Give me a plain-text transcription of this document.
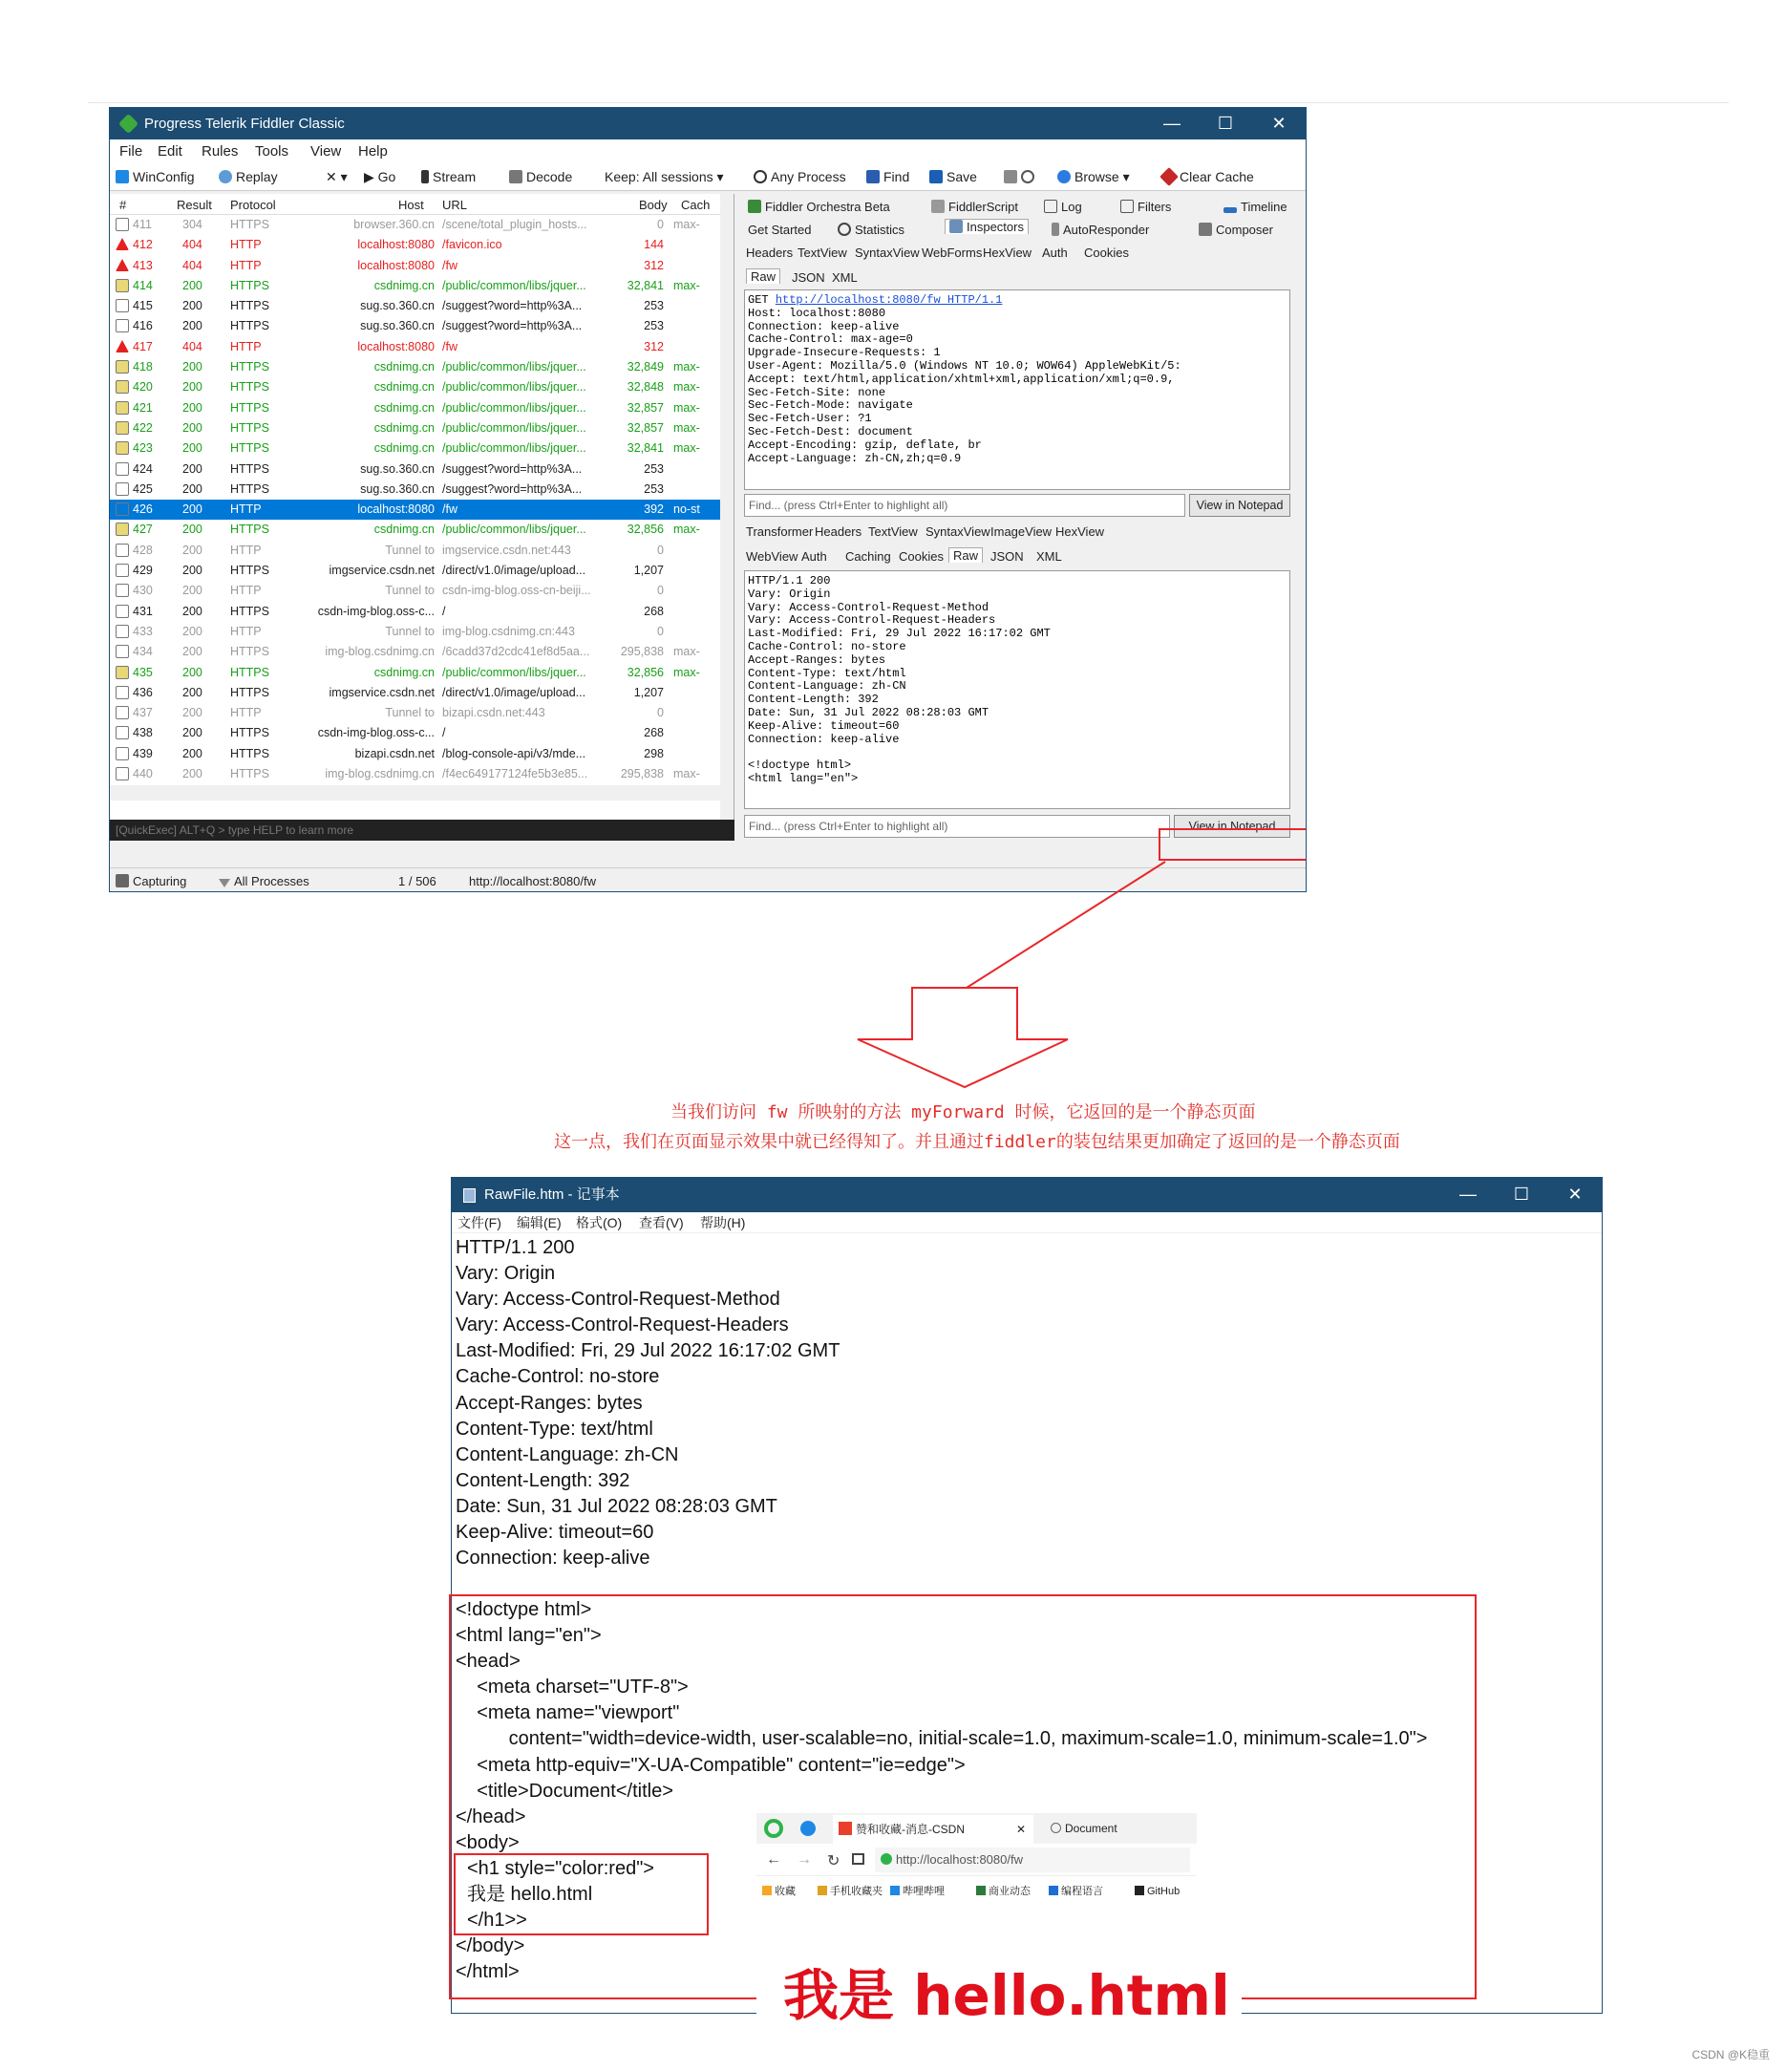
Progress Telerik Fiddler Classic	—	☐	✕
File Edit Rules Tools View Help
WinConfig	Replay	✕ ▾ ▶ Go	Stream	Decode Keep: All sessions ▾	Any Process	Find	Save	Browse ▾	Clear Cache
#	Result Protocol	Host URL	Body Cach
411	304	HTTPS	browser.360.cn /scene/total_plugin_hosts...	0 max-
412	404	HTTP	localhost:8080 /favicon.ico	144
413	404	HTTP	localhost:8080 /fw	312
414	200	HTTPS	csdnimg.cn /public/common/libs/jquer...	32,841 max-
415	200	HTTPS	sug.so.360.cn /suggest?word=http%3A...	253
416	200	HTTPS	sug.so.360.cn /suggest?word=http%3A...	253
417	404	HTTP	localhost:8080 /fw	312
418	200	HTTPS	csdnimg.cn /public/common/libs/jquer...	32,849 max-
420	200	HTTPS	csdnimg.cn /public/common/libs/jquer...	32,848 max-
421	200	HTTPS	csdnimg.cn /public/common/libs/jquer...	32,857 max-
422	200	HTTPS	csdnimg.cn /public/common/libs/jquer...	32,857 max-
423	200	HTTPS	csdnimg.cn /public/common/libs/jquer...	32,841 max-
424	200	HTTPS	sug.so.360.cn /suggest?word=http%3A...	253
425	200	HTTPS	sug.so.360.cn /suggest?word=http%3A...	253
426	200	HTTP	localhost:8080 /fw	392 no-st
427	200	HTTPS	csdnimg.cn /public/common/libs/jquer...	32,856 max-
428	200	HTTP	Tunnel to imgservice.csdn.net:443	0
429	200	HTTPS	imgservice.csdn.net /direct/v1.0/image/upload...	1,207
430	200	HTTP	Tunnel to csdn-img-blog.oss-cn-beiji...	0
431	200	HTTPS	csdn-img-blog.oss-c... /	268
433	200	HTTP	Tunnel to img-blog.csdnimg.cn:443	0
434	200	HTTPS	img-blog.csdnimg.cn /6cadd37d2cdc41ef8d5aa...	295,838 max-
435	200	HTTPS	csdnimg.cn /public/common/libs/jquer...	32,856 max-
436	200	HTTPS	imgservice.csdn.net /direct/v1.0/image/upload...	1,207
437	200	HTTP	Tunnel to bizapi.csdn.net:443	0
438	200	HTTPS	csdn-img-blog.oss-c... /	268
439	200	HTTPS	bizapi.csdn.net /blog-console-api/v3/mde...	298
440	200	HTTPS	img-blog.csdnimg.cn /f4ec649177124fe5b3e85...	295,838 max-
[QuickExec] ALT+Q > type HELP to learn more
Fiddler Orchestra Beta	FiddlerScript	Log	Filters	Timeline
Get Started	Statistics	Inspectors	AutoResponder	Composer
Headers TextView SyntaxView WebForms HexView Auth Cookies
Raw	JSON XML
GET http://localhost:8080/fw HTTP/1.1
Host: localhost:8080
Connection: keep-alive
Cache-Control: max-age=0
Upgrade-Insecure-Requests: 1
User-Agent: Mozilla/5.0 (Windows NT 10.0; WOW64) AppleWebKit/5:
Accept: text/html,application/xhtml+xml,application/xml;q=0.9,
Sec-Fetch-Site: none
Sec-Fetch-Mode: navigate
Sec-Fetch-User: ?1
Sec-Fetch-Dest: document
Accept-Encoding: gzip, deflate, br
Accept-Language: zh-CN,zh;q=0.9
Find... (press Ctrl+Enter to highlight all)	View in Notepad
Transformer Headers TextView SyntaxView ImageView HexView
WebView Auth Caching Cookies Raw JSON XML
HTTP/1.1 200
Vary: Origin
Vary: Access-Control-Request-Method
Vary: Access-Control-Request-Headers
Last-Modified: Fri, 29 Jul 2022 16:17:02 GMT
Cache-Control: no-store
Accept-Ranges: bytes
Content-Type: text/html
Content-Language: zh-CN
Content-Length: 392
Date: Sun, 31 Jul 2022 08:28:03 GMT
Keep-Alive: timeout=60
Connection: keep-alive

<!doctype html>
<html lang="en">
Find... (press Ctrl+Enter to highlight all)	View in Notepad
Capturing	All Processes	1 / 506	http://localhost:8080/fw
当我们访问 fw 所映射的方法 myForward 时候，它返回的是一个静态页面
这一点，我们在页面显示效果中就已经得知了。并且通过fiddler的装包结果更加确定了返回的是一个静态页面
RawFile.htm - 记事本	—	☐	✕
文件(F) 编辑(E) 格式(O) 查看(V) 帮助(H)
HTTP/1.1 200
Vary: Origin
Vary: Access-Control-Request-Method
Vary: Access-Control-Request-Headers
Last-Modified: Fri, 29 Jul 2022 16:17:02 GMT
Cache-Control: no-store
Accept-Ranges: bytes
Content-Type: text/html
Content-Language: zh-CN
Content-Length: 392
Date: Sun, 31 Jul 2022 08:28:03 GMT
Keep-Alive: timeout=60
Connection: keep-alive
<!doctype html>
<html lang="en">
<head>
<meta charset="UTF-8">
<meta name="viewport"
content="width=device-width, user-scalable=no, initial-scale=1.0, maximum-scale=1.0, minimum-scale=1.0">
<meta http-equiv="X-UA-Compatible" content="ie=edge">
<title>Document</title>
</head>
<body>
<h1 style="color:red">
我是 hello.html
</h1>>
</body>
</html>
赞和收藏-消息-CSDN	✕	Document
← → ↻	http://localhost:8080/fw
收藏	手机收藏夹	哔哩哔哩	商业动态	编程语言	GitHub
我是 hello.html
CSDN @K稳重
